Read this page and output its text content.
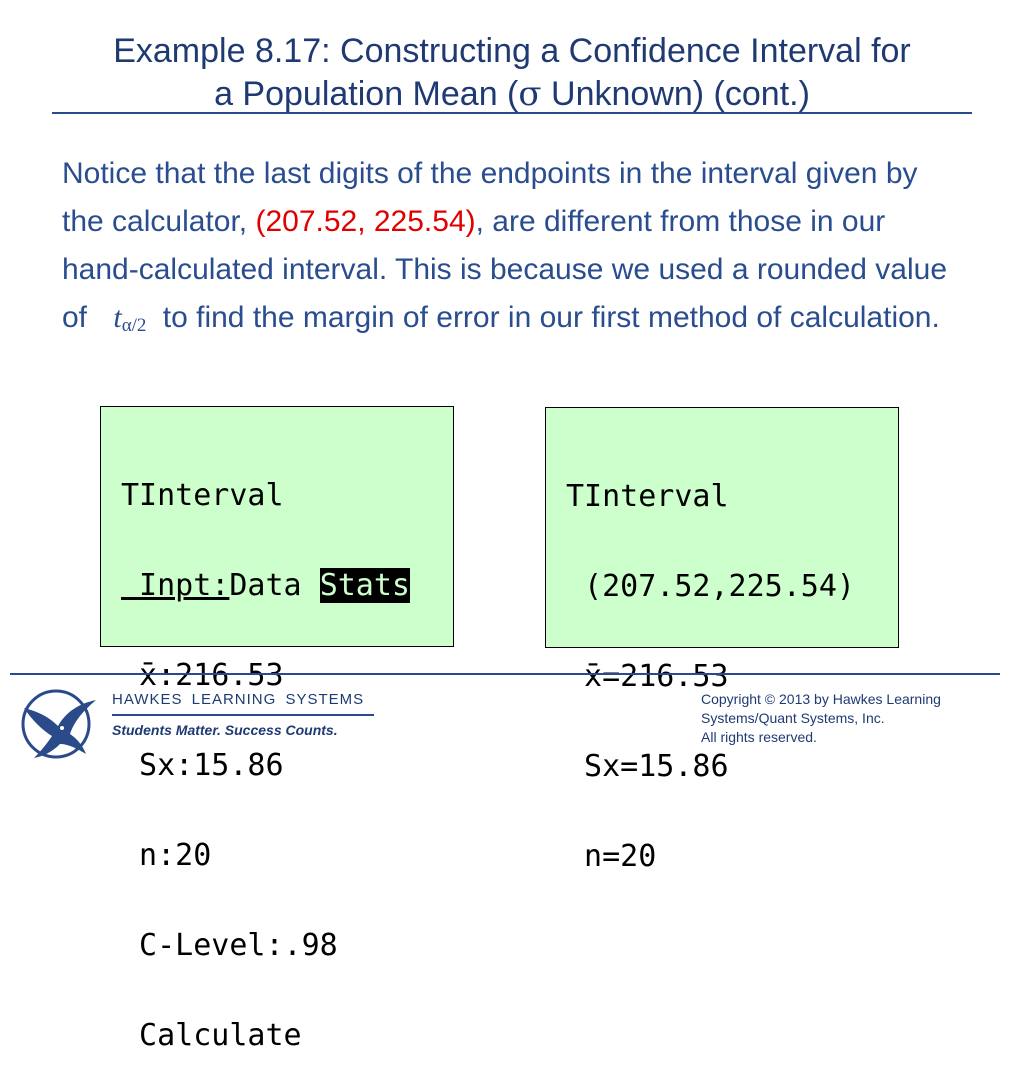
Example 8.17: Constructing a Confidence Interval for
a Population Mean (σ Unknown) (cont.)
Notice that the last digits of the endpoints in the interval given by the calculator, (207.52, 225.54), are different from those in our hand-calculated interval. This is because we used a rounded value of tα/2 to find the margin of error in our first method of calculation.

TInterval

Inpt:Data Stats

x̄:216.53

Sx:15.86

n:20

C-Level:.98

Calculate

TInterval

(207.52,225.54)

x̄=216.53

Sx=15.86

n=20

HAWKES LEARNING SYSTEMS
Students Matter. Success Counts.
Copyright © 2013 by Hawkes Learning
Systems/Quant Systems, Inc.
All rights reserved.
